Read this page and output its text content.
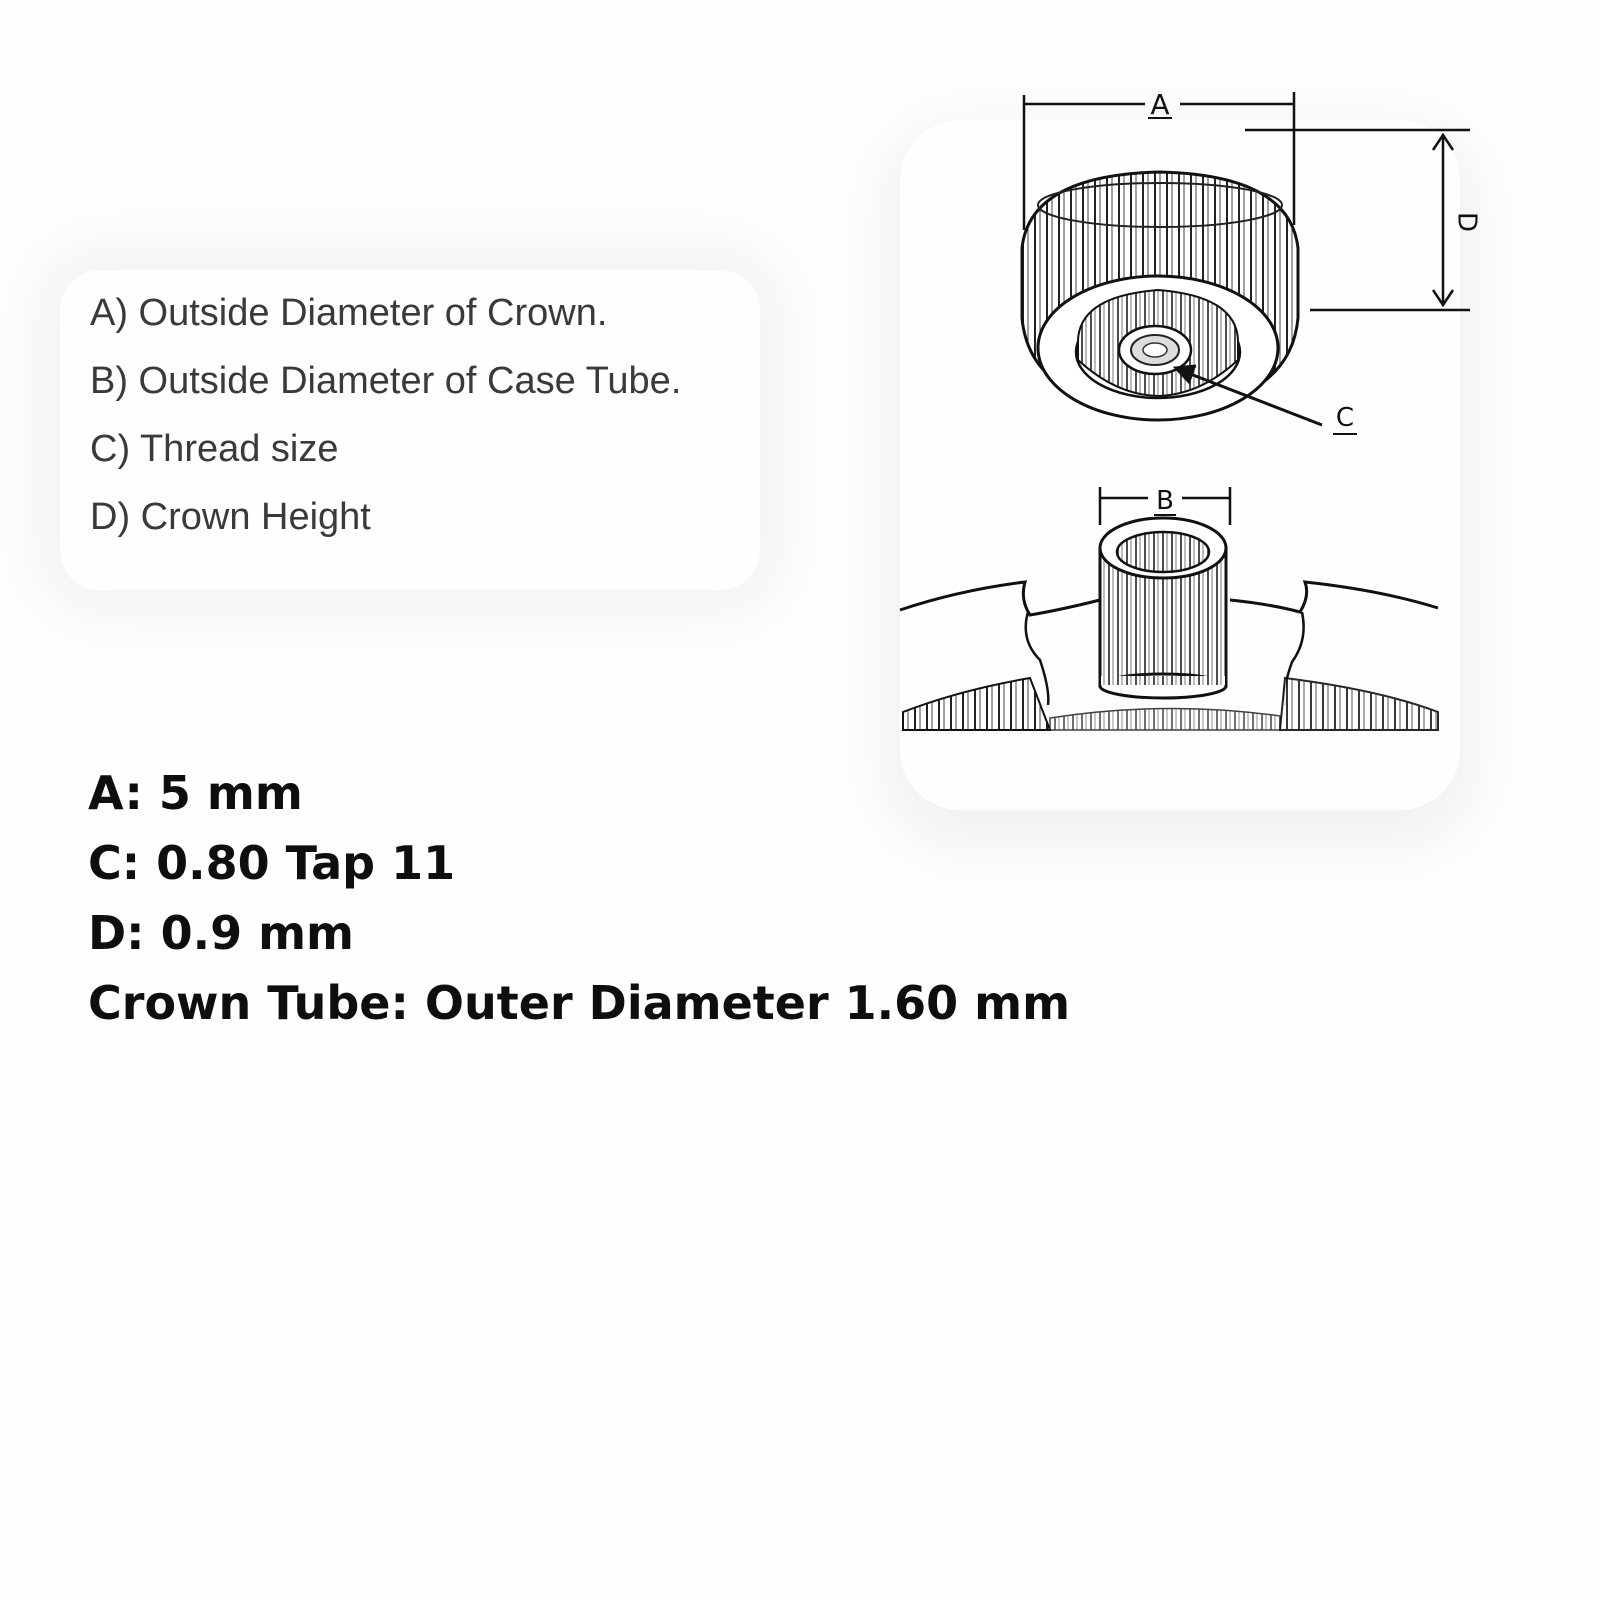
A) Outside Diameter of Crown.
B) Outside Diameter of Case Tube.
C) Thread size
D) Crown Height
A
D
C
B
A: 5 mm
C: 0.80 Tap 11
D: 0.9 mm
Crown Tube: Outer Diameter 1.60 mm
